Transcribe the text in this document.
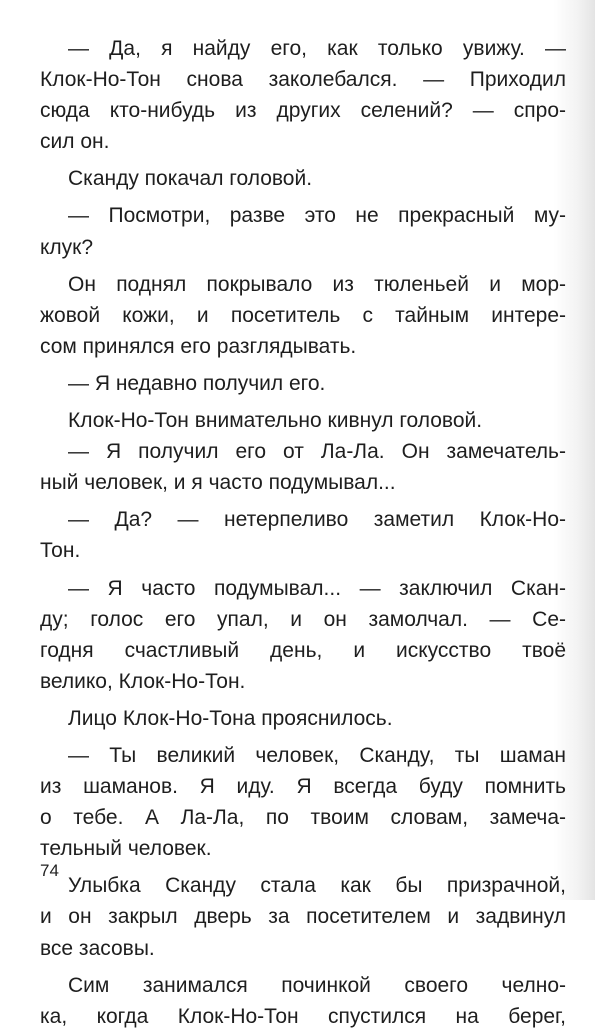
— Да, я найду его, как только увижу. —
Клок-Но-Тон снова заколебался. — Приходил
сюда кто-нибудь из других селений? — спро-
сил он.
Скандy покачал головой.
— Посмотри, разве это не прекрасный му-
клук?
Он поднял покрывало из тюленьей и мор-
жовой кожи, и посетитель с тайным интере-
сом принялся его разглядывать.
— Я недавно получил его.
Клок-Но-Тон внимательно кивнул головой.
— Я получил его от Ла-Ла. Он замечатель-
ный человек, и я часто подумывал...
— Да? — нетерпеливо заметил Клок-Но-
Тон.
— Я часто подумывал... — заключил Скан-
ду; голос его упал, и он замолчал. — Се-
годня счастливый день, и искусство твоё
велико, Клок-Но-Тон.
Лицо Клок-Но-Тона прояснилось.
— Ты великий человек, Скандy, ты шаман
из шаманов. Я иду. Я всегда буду помнить
о тебе. А Ла-Ла, по твоим словам, замеча-
тельный человек.
Улыбка Скандy стала как бы призрачной,
и он закрыл дверь за посетителем и задвинул
все засовы.
Сим занимался починкой своего челно-
ка, когда Клок-Но-Тон спустился на берег,
74
